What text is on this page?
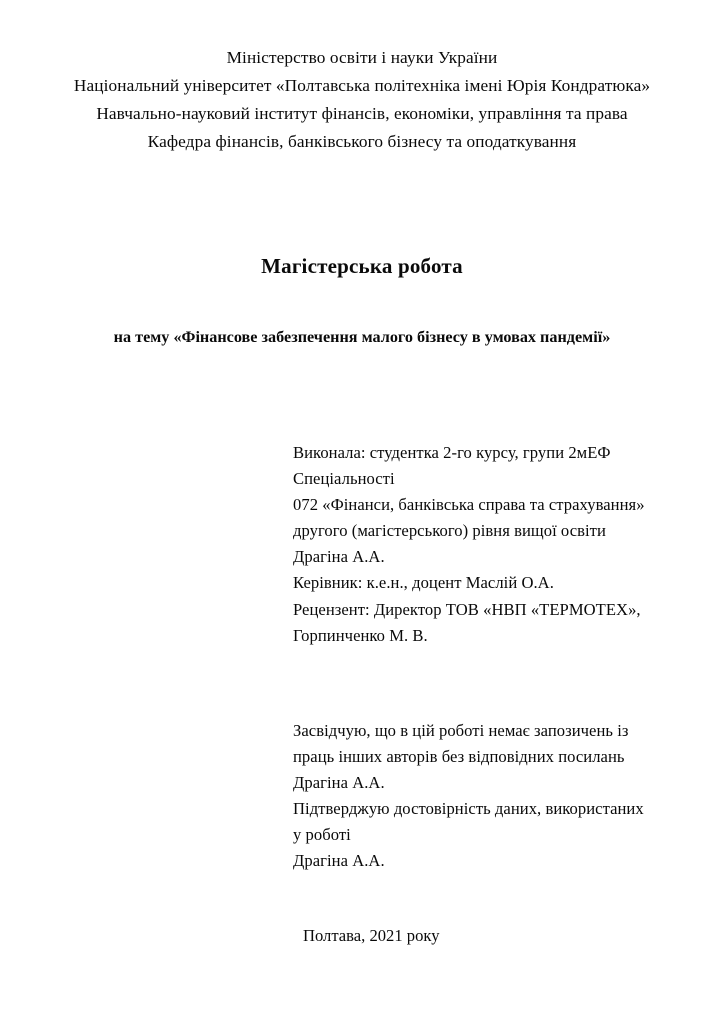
Міністерство освіти і науки України
Національний університет «Полтавська політехніка імені Юрія Кондратюка»
Навчально-науковий інститут фінансів, економіки, управління та права
Кафедра фінансів, банківського бізнесу та оподаткування
Магістерська робота
на тему «Фінансове забезпечення малого бізнесу в умовах пандемії»
Виконала: студентка 2-го курсу, групи 2мЕФ
Спеціальності
072 «Фінанси, банківська справа та страхування»
другого (магістерського) рівня вищої освіти
Драгіна А.А.
Керівник: к.е.н., доцент Маслій О.А.
Рецензент: Директор ТОВ «НВП «ТЕРМОТЕХ»,
Горпинченко М. В.
Засвідчую, що в цій роботі немає запозичень із
праць інших авторів без відповідних посилань
Драгіна А.А.
Підтверджую достовірність даних, використаних
у роботі
Драгіна А.А.
Полтава, 2021 року
